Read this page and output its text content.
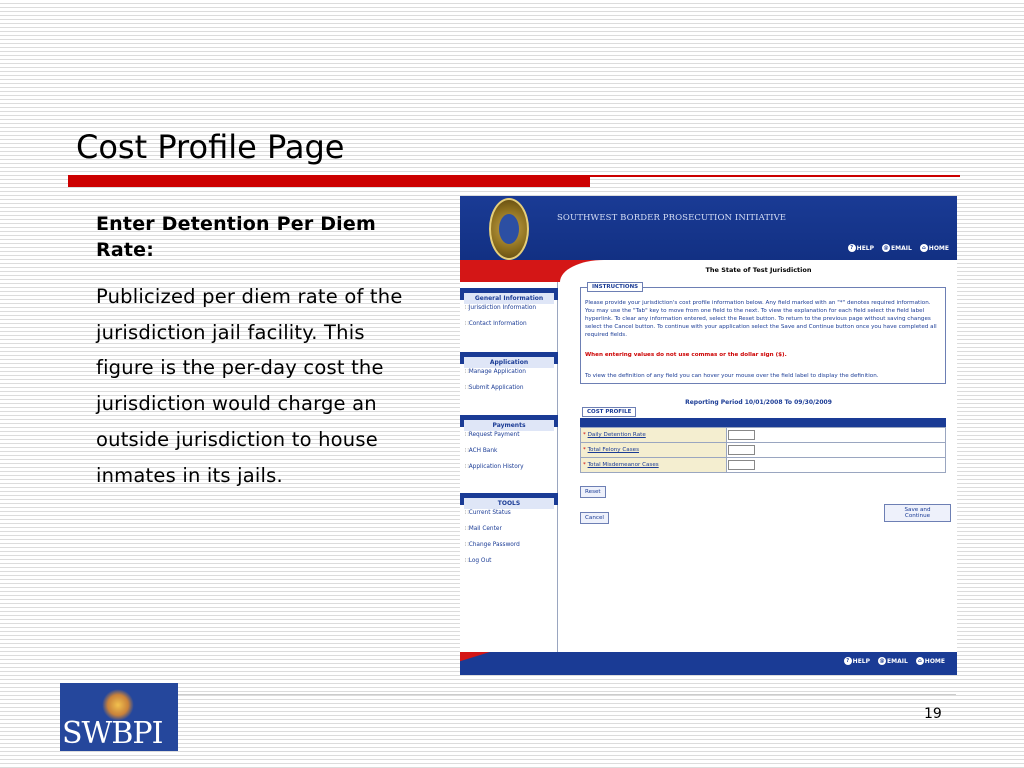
Cost Profile Page
Enter Detention Per Diem Rate:
Publicized per diem rate of the jurisdiction jail facility. This figure is the per-day cost the jurisdiction would charge an outside jurisdiction to house inmates in its jails.
SOUTHWEST BORDER PROSECUTION INITIATIVE
? HELP	@ EMAIL	⌂ HOME
General Information
∷ Jurisdiction Information
∷ Contact Information
Application
∷ Manage Application
∷ Submit Application
Payments
∷ Request Payment
∷ ACH Bank
∷ Application History
TOOLS
∷ Current Status
∷ Mail Center
∷ Change Password
∷ Log Out
The State of Test Jurisdiction
INSTRUCTIONS
Please provide your jurisdiction's cost profile information below. Any field marked with an "*" denotes required information. You may use the "Tab" key to move from one field to the next. To view the explanation for each field select the field label hyperlink. To clear any information entered, select the Reset button. To return to the previous page without saving changes select the Cancel button. To continue with your application select the Save and Continue button once you have completed all required fields.
When entering values do not use commas or the dollar sign ($).
To view the definition of any field you can hover your mouse over the field label to display the definition.
Reporting Period 10/01/2008 To 09/30/2009
COST PROFILE
* Daily Detention Rate	

* Total Felony Cases	

* Total Misdemeanor Cases	
Reset
Cancel
Save and Continue
? HELP	@ EMAIL	⌂ HOME
SWBPI
19
